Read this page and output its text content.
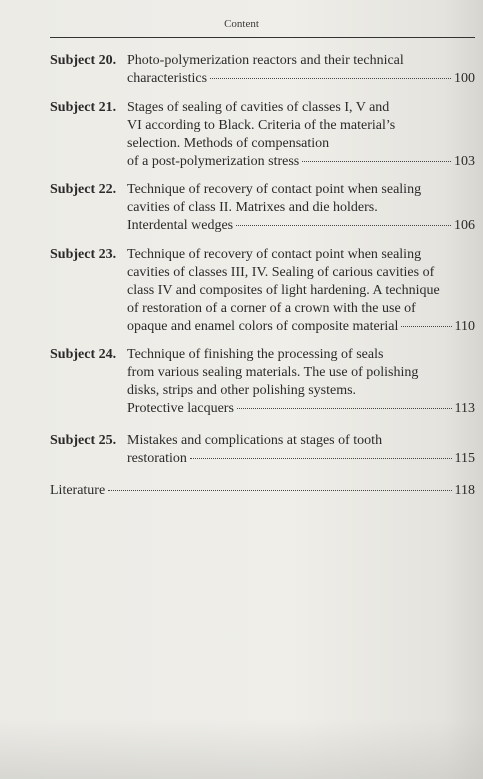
Content
Subject 20. Photo-polymerization reactors and their technical
characteristics	100
Subject 21. Stages of sealing of cavities of classes I, V and
VI according to Black. Criteria of the material’s
selection. Methods of compensation
of a post-polymerization stress	103
Subject 22. Technique of recovery of contact point when sealing
cavities of class II. Matrixes and die holders.
Interdental wedges	106
Subject 23. Technique of recovery of contact point when sealing
cavities of classes III, IV. Sealing of carious cavities of
class IV and composites of light hardening. A technique
of restoration of a corner of a crown with the use of
opaque and enamel colors of composite material	110
Subject 24. Technique of finishing the processing of seals
from various sealing materials. The use of polishing
disks, strips and other polishing systems.
Protective lacquers	113
Subject 25. Mistakes and complications at stages of tooth
restoration	115
Literature	118
